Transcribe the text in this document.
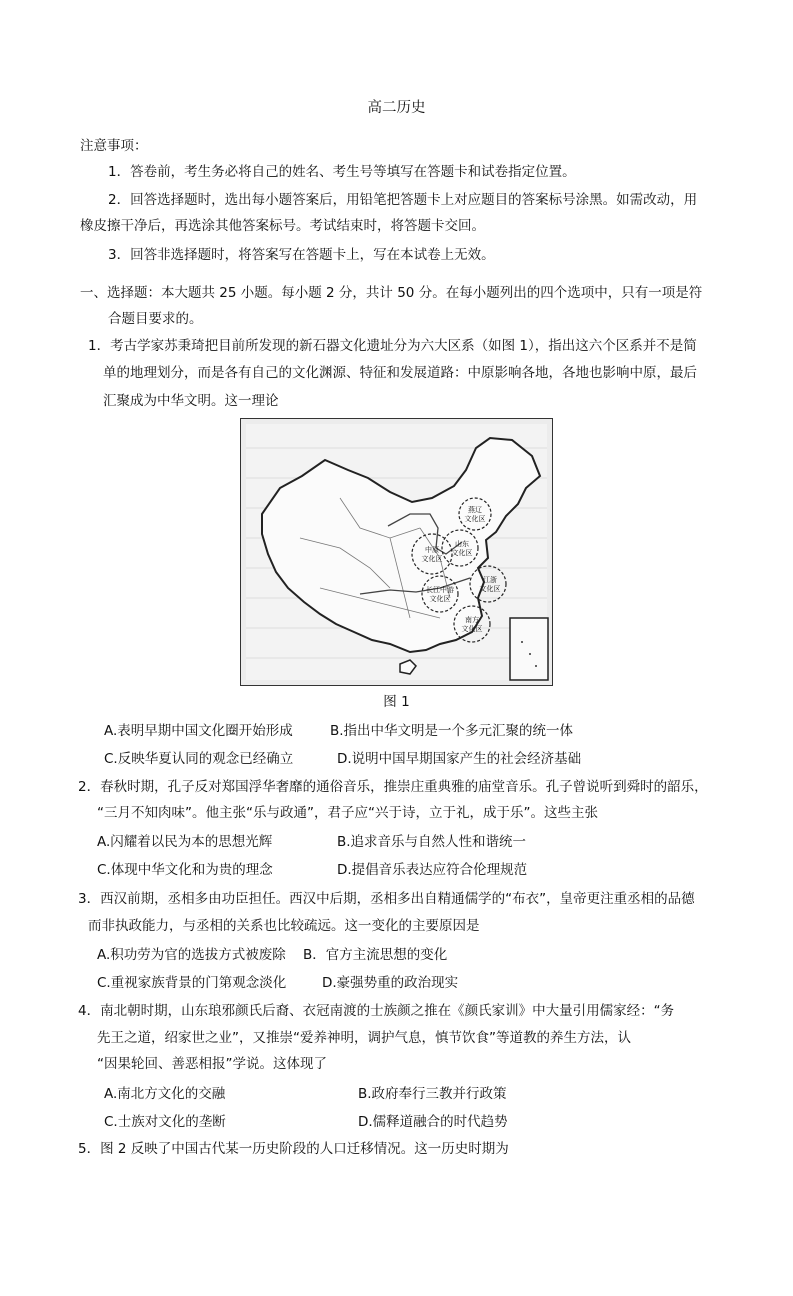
高二历史
注意事项：
1．答卷前，考生务必将自己的姓名、考生号等填写在答题卡和试卷指定位置。
2．回答选择题时，选出每小题答案后，用铅笔把答题卡上对应题目的答案标号涂黑。如需改动，用
橡皮擦干净后，再选涂其他答案标号。考试结束时，将答题卡交回。
3．回答非选择题时，将答案写在答题卡上，写在本试卷上无效。
一、选择题：本大题共 25 小题。每小题 2 分，共计 50 分。在每小题列出的四个选项中，只有一项是符
合题目要求的。
1．考古学家苏秉琦把目前所发现的新石器文化遗址分为六大区系（如图 1），指出这六个区系并不是简
单的地理划分，而是各有自己的文化渊源、特征和发展道路：中原影响各地，各地也影响中原，最后
汇聚成为中华文明。这一理论
燕辽
文化区
山东
文化区
中原
文化区
江浙
文化区
长江中游
文化区
南方
文化区
图 1
A.表明早期中国文化圈开始形成	B.指出中华文明是一个多元汇聚的统一体
C.反映华夏认同的观念已经确立	D.说明中国早期国家产生的社会经济基础
2．春秋时期，孔子反对郑国浮华奢靡的通俗音乐，推崇庄重典雅的庙堂音乐。孔子曾说听到舜时的韶乐，
“三月不知肉味”。他主张“乐与政通”，君子应“兴于诗，立于礼，成于乐”。这些主张
A.闪耀着以民为本的思想光辉	B.追求音乐与自然人性和谐统一
C.体现中华文化和为贵的理念	D.提倡音乐表达应符合伦理规范
3．西汉前期，丞相多由功臣担任。西汉中后期，丞相多出自精通儒学的“布衣”，皇帝更注重丞相的品德
而非执政能力，与丞相的关系也比较疏远。这一变化的主要原因是
A.积功劳为官的选拔方式被废除 B．官方主流思想的变化
C.重视家族背景的门第观念淡化	D.豪强势重的政治现实
4．南北朝时期，山东琅邪颜氏后裔、衣冠南渡的士族颜之推在《颜氏家训》中大量引用儒家经：“务
先王之道，绍家世之业”，又推崇“爱养神明，调护气息，慎节饮食”等道教的养生方法，认
“因果轮回、善恶相报”学说。这体现了
A.南北方文化的交融	B.政府奉行三教并行政策
C.士族对文化的垄断	D.儒释道融合的时代趋势
5．图 2 反映了中国古代某一历史阶段的人口迁移情况。这一历史时期为
